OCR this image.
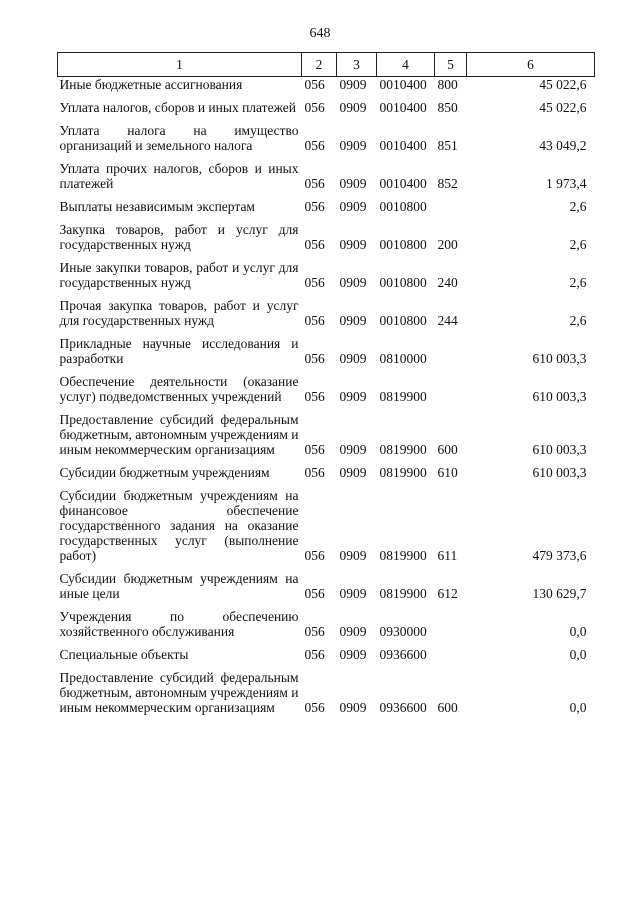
648
1	2	3	4	5	6
Иные бюджетные ассигнования	056	0909	0010400	800	45 022,6
Уплата налогов, сборов и иных платежей	056	0909	0010400	850	45 022,6
Уплата налога на имущество организаций и земельного налога	056	0909	0010400	851	43 049,2
Уплата прочих налогов, сборов и иных платежей	056	0909	0010400	852	1 973,4
Выплаты независимым экспертам	056	0909	0010800		2,6
Закупка товаров, работ и услуг для государственных нужд	056	0909	0010800	200	2,6
Иные закупки товаров, работ и услуг для государственных нужд	056	0909	0010800	240	2,6
Прочая закупка товаров, работ и услуг для государственных нужд	056	0909	0010800	244	2,6
Прикладные научные исследования и разработки	056	0909	0810000		610 003,3
Обеспечение деятельности (оказание услуг) подведомственных учреждений	056	0909	0819900		610 003,3
Предоставление субсидий федеральным бюджетным, автономным учреждениям и иным некоммерческим организациям	056	0909	0819900	600	610 003,3
Субсидии бюджетным учреждениям	056	0909	0819900	610	610 003,3
Субсидии бюджетным учреждениям на финансовое обеспечение государственного задания на оказание государственных услуг (выполнение работ)	056	0909	0819900	611	479 373,6
Субсидии бюджетным учреждениям на иные цели	056	0909	0819900	612	130 629,7
Учреждения по обеспечению хозяйственного обслуживания	056	0909	0930000		0,0
Специальные объекты	056	0909	0936600		0,0
Предоставление субсидий федеральным бюджетным, автономным учреждениям и иным некоммерческим организациям	056	0909	0936600	600	0,0
